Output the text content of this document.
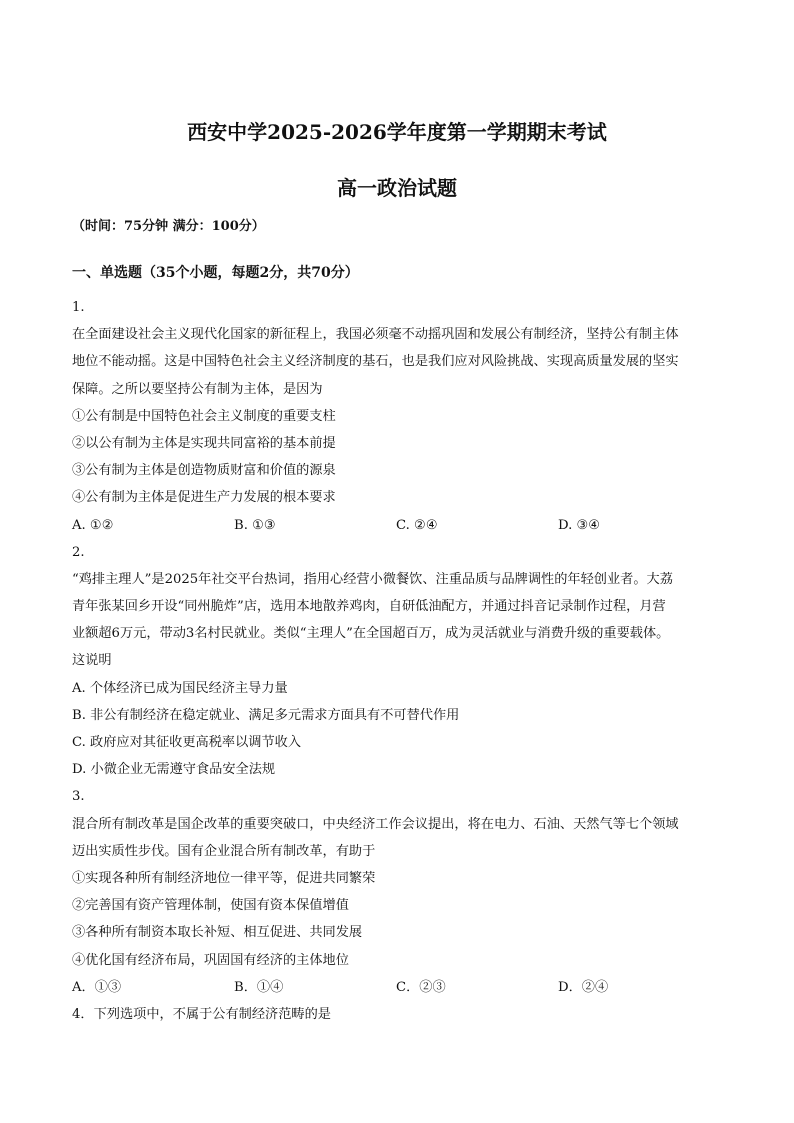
西安中学2025-2026学年度第一学期期末考试
高一政治试题
（时间：75分钟 满分：100分）
一、单选题（35个小题，每题2分，共70分）
1.
在全面建设社会主义现代化国家的新征程上，我国必须毫不动摇巩固和发展公有制经济，坚持公有制主体
地位不能动摇。这是中国特色社会主义经济制度的基石，也是我们应对风险挑战、实现高质量发展的坚实
保障。之所以要坚持公有制为主体，是因为
①公有制是中国特色社会主义制度的重要支柱
②以公有制为主体是实现共同富裕的基本前提
③公有制为主体是创造物质财富和价值的源泉
④公有制为主体是促进生产力发展的根本要求
A. ①②	B. ①③	C. ②④	D. ③④
2.
“鸡排主理人”是2025年社交平台热词，指用心经营小微餐饮、注重品质与品牌调性的年轻创业者。大荔
青年张某回乡开设“同州脆炸”店，选用本地散养鸡肉，自研低油配方，并通过抖音记录制作过程，月营
业额超6万元，带动3名村民就业。类似“主理人”在全国超百万，成为灵活就业与消费升级的重要载体。
这说明
A. 个体经济已成为国民经济主导力量
B. 非公有制经济在稳定就业、满足多元需求方面具有不可替代作用
C. 政府应对其征收更高税率以调节收入
D. 小微企业无需遵守食品安全法规
3.
混合所有制改革是国企改革的重要突破口，中央经济工作会议提出，将在电力、石油、天然气等七个领域
迈出实质性步伐。国有企业混合所有制改革，有助于
①实现各种所有制经济地位一律平等，促进共同繁荣
②完善国有资产管理体制，使国有资本保值增值
③各种所有制资本取长补短、相互促进、共同发展
④优化国有经济布局，巩固国有经济的主体地位
A．①③	B．①④	C．②③	D．②④
4．下列选项中，不属于公有制经济范畴的是
